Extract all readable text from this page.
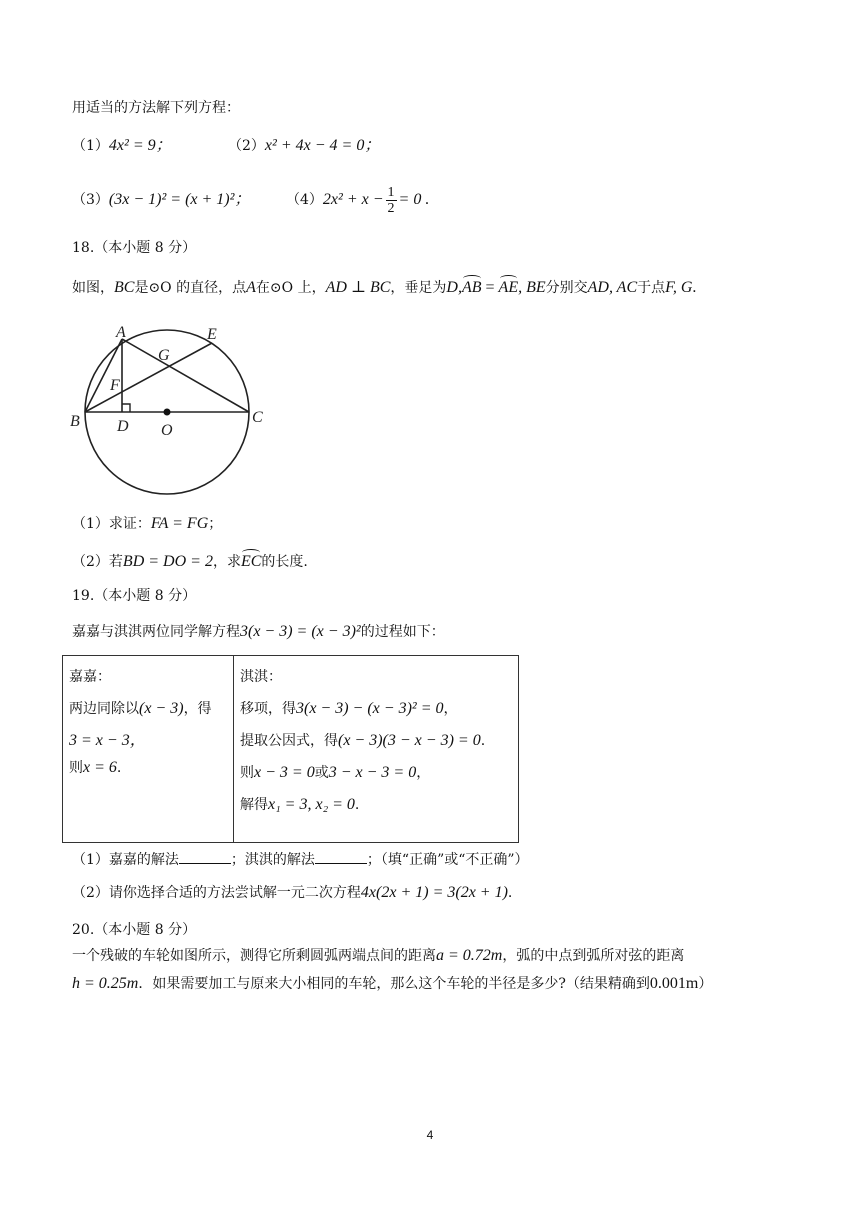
用适当的方法解下列方程：
（1）4x² = 9；	（2）x² + 4x − 4 = 0；
（3）(3x − 1)² = (x + 1)²；	$(4)2x^2 + x - \frac{1}{2} = 0$ .
18.（本小题 8 分）
如图，BC是⊙O 的直径，点A在⊙O 上，AD ⊥ BC，垂足为D,AB = AE, BE分别交AD, AC于点F, G.
A	E
G
F
B D O
C
（1）求证：FA = FG；
（2）若BD = DO = 2，求EC的长度.
19.（本小题 8 分）
嘉嘉与淇淇两位同学解方程3(x − 3) = (x − 3)²的过程如下：
嘉嘉：
两边同除以(x − 3)，得
3 = x − 3，
则x = 6.

淇淇：
移项，得3(x − 3) − (x − 3)² = 0，
提取公因式，得(x − 3)(3 − x − 3) = 0.
则x − 3 = 0或3 − x − 3 = 0，
解得x₁ = 3, x₂ = 0.
（1）嘉嘉的解法	；淇淇的解法	；（填“正确”或“不正确”）
（2）请你选择合适的方法尝试解一元二次方程4x(2x + 1) = 3(2x + 1).
20.（本小题 8 分）
一个残破的车轮如图所示，测得它所剩圆弧两端点间的距离a = 0.72m，弧的中点到弧所对弦的距离
h = 0.25m．如果需要加工与原来大小相同的车轮，那么这个车轮的半径是多少?（结果精确到0.001m）
4
